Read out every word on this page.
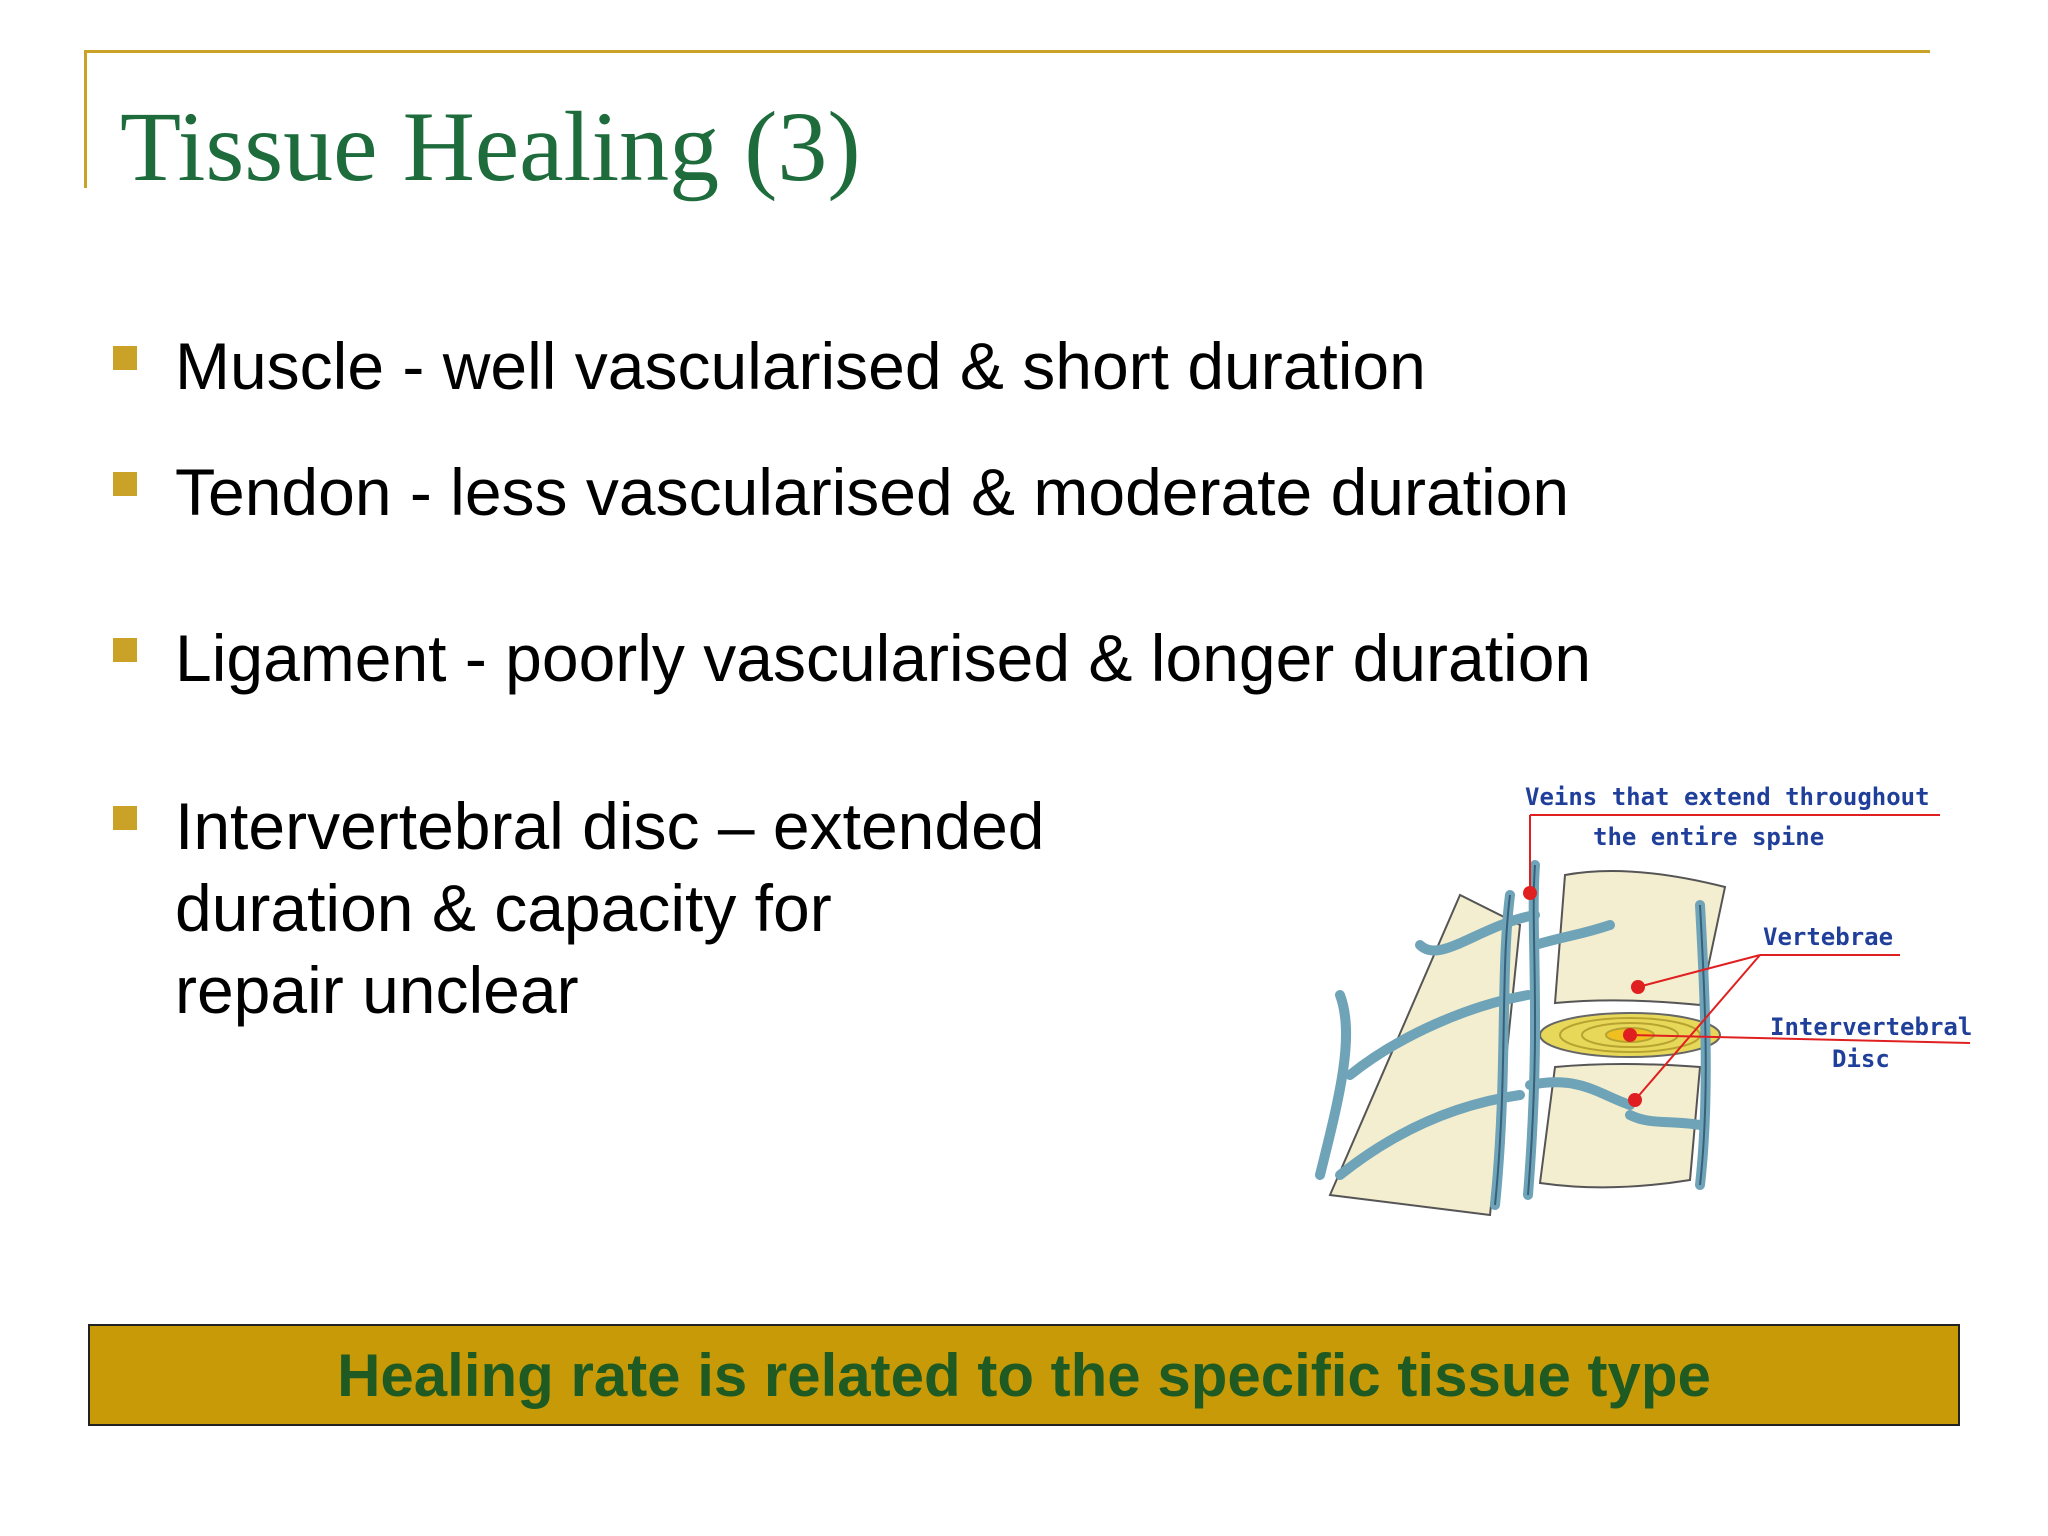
Tissue Healing (3)
Muscle - well vascularised & short duration
Tendon - less vascularised & moderate duration
Ligament - poorly vascularised & longer duration
Intervertebral disc – extended
duration & capacity for
repair unclear
Veins that extend throughout
the entire spine
Vertebrae
Intervertebral
Disc
Healing rate is related to the specific tissue type
